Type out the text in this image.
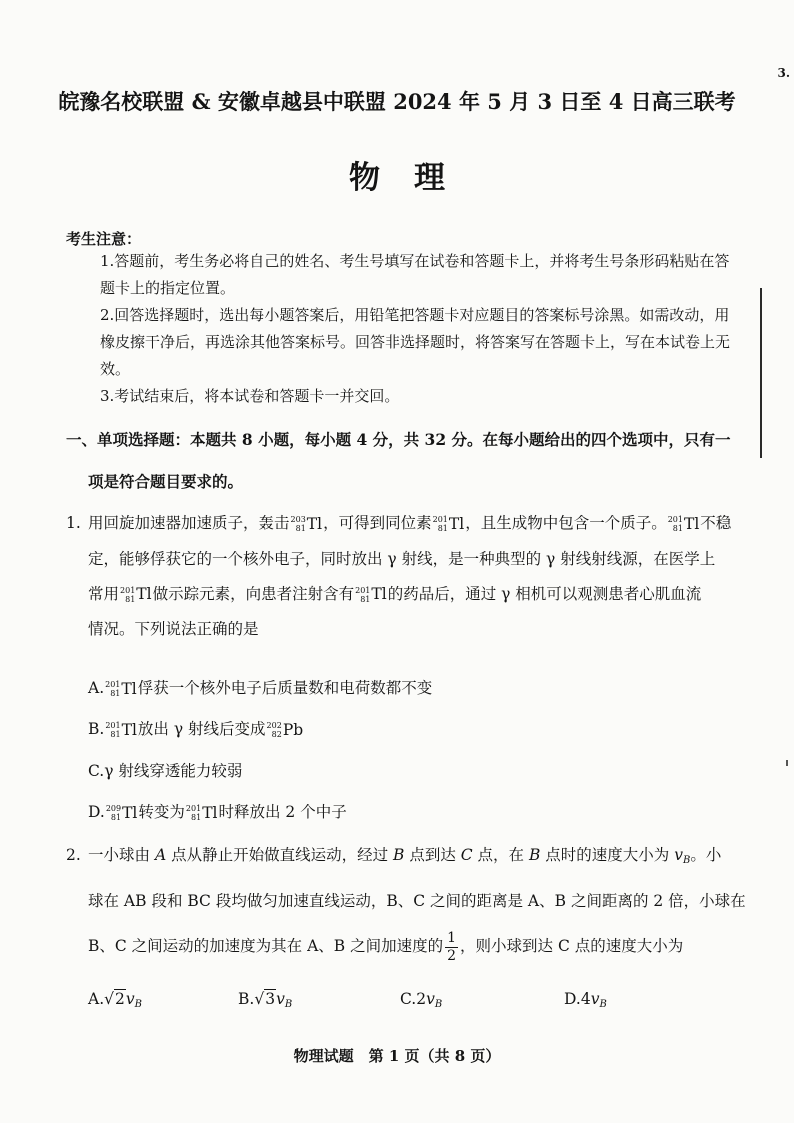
3.
皖豫名校联盟 & 安徽卓越县中联盟 2024 年 5 月 3 日至 4 日高三联考
物理
考生注意：
1.答题前，考生务必将自己的姓名、考生号填写在试卷和答题卡上，并将考生号条形码粘贴在答题卡上的指定位置。
2.回答选择题时，选出每小题答案后，用铅笔把答题卡对应题目的答案标号涂黑。如需改动，用橡皮擦干净后，再选涂其他答案标号。回答非选择题时，将答案写在答题卡上，写在本试卷上无效。
3.考试结束后，将本试卷和答题卡一并交回。
一、单项选择题：本题共 8 小题，每小题 4 分，共 32 分。在每小题给出的四个选项中，只有一
项是符合题目要求的。
1. 用回旋加速器加速质子，轰击 203
81 Tl ，可得到同位素 201
81 Tl ，且生成物中包含一个质子。 201
81 Tl 不稳
定，能够俘获它的一个核外电子，同时放出 γ 射线，是一种典型的 γ 射线射线源，在医学上
常用 201
81 Tl 做示踪元素，向患者注射含有 201
81 Tl 的药品后，通过 γ 相机可以观测患者心肌血流
情况。下列说法正确的是
A. 201
81 Tl 俘获一个核外电子后质量数和电荷数都不变
B. 201
81 Tl 放出 γ 射线后变成 202
82 Pb
C.γ 射线穿透能力较弱
D. 209
81 Tl 转变为 201
81 Tl 时释放出 2 个中子
2. 一小球由 A 点从静止开始做直线运动，经过 B 点到达 C 点，在 B 点时的速度大小为 $v_B$。小
球在 AB 段和 BC 段均做匀加速直线运动，B、C 之间的距离是 A、B 之间距离的 2 倍，小球在
B、C 之间运动的加速度为其在 A、B 之间加速度的 $\frac{1}{2}$ ，则小球到达 C 点的速度大小为
$A.√2v_B$	$B.√3v_B$	$C.2v_B$	$D.4v_B$
物理试题　第 1 页（共 8 页）
